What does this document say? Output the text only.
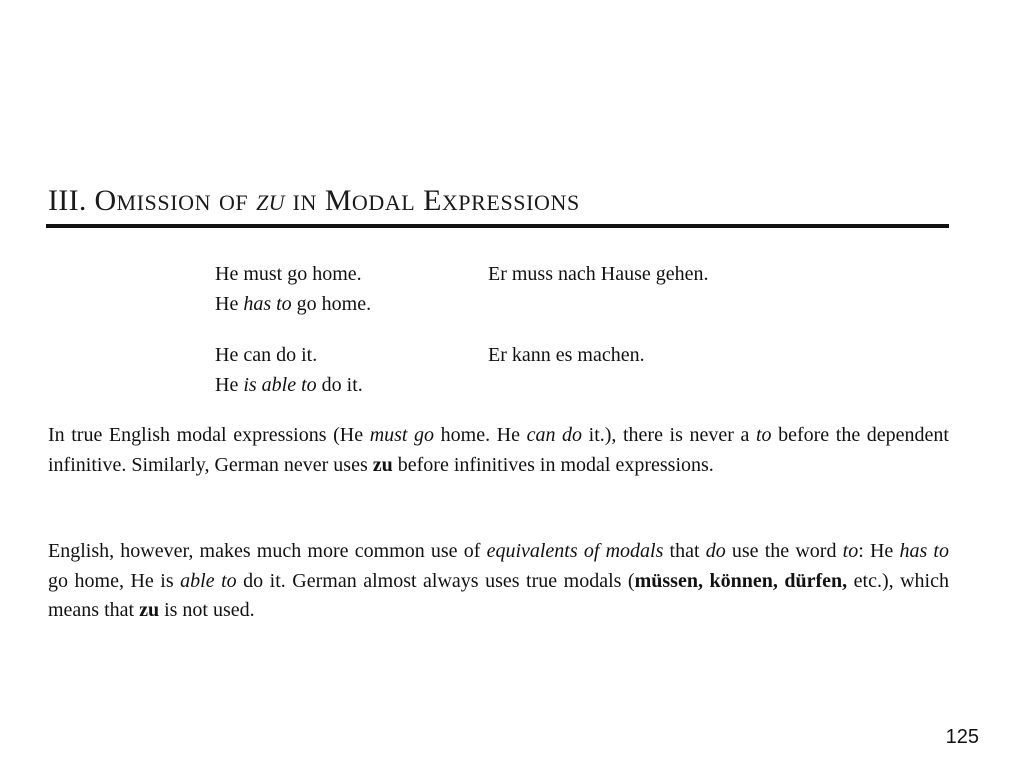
III. OMISSION OF ZU IN MODAL EXPRESSIONS
He must go home.
He has to go home.
Er muss nach Hause gehen.
He can do it.
He is able to do it.
Er kann es machen.

In true English modal expressions (He must go home. He can do it.), there is never a to before the dependent infinitive. Similarly, German never uses zu before infinitives in modal expressions.

English, however, makes much more common use of equivalents of modals that do use the word to: He has to go home, He is able to do it. German almost always uses true modals (müssen, können, dürfen, etc.), which means that zu is not used.

125
